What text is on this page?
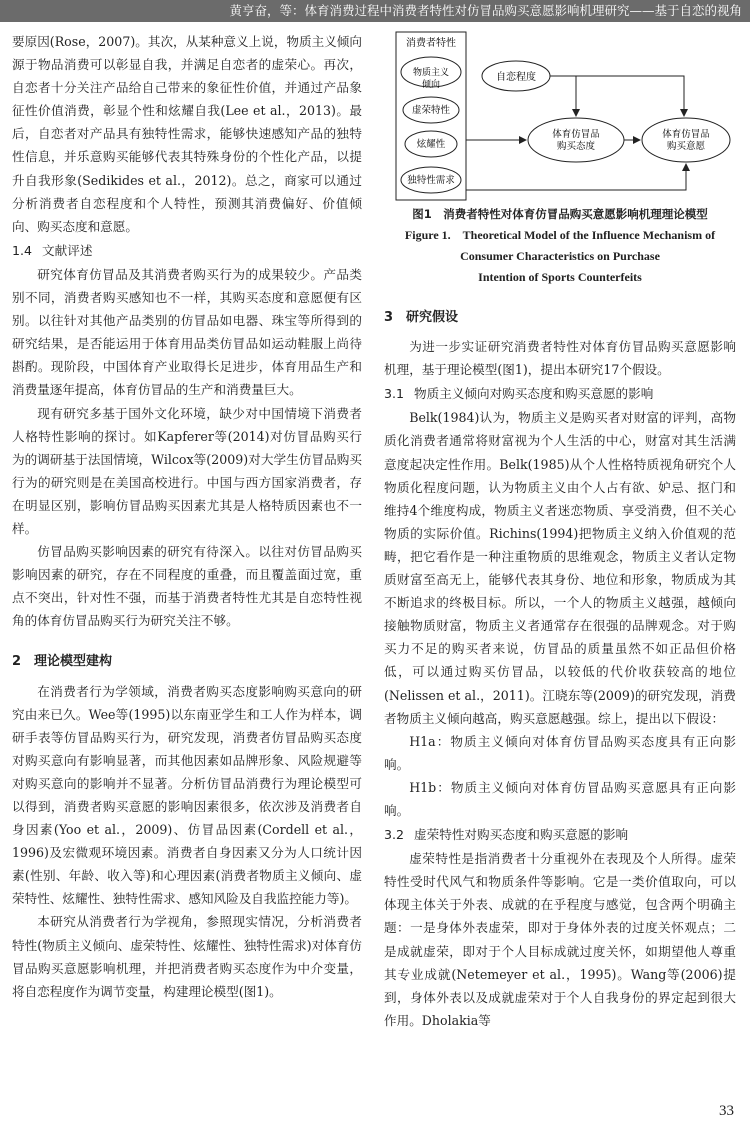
黄亨奋，等：体育消费过程中消费者特性对仿冒品购买意愿影响机理研究——基于自恋的视角

要原因(Rose，2007)。其次，从某种意义上说，物质主义倾向源于物品消费可以彰显自我，并满足自恋者的虚荣心。再次，自恋者十分关注产品给自己带来的象征性价值，并通过产品象征性价值消费，彰显个性和炫耀自我(Lee et al.，2013)。最后，自恋者对产品具有独特性需求，能够快速感知产品的独特性信息，并乐意购买能够代表其特殊身份的个性化产品，以提升自我形象(Sedikides et al.，2012)。总之，商家可以通过分析消费者自恋程度和个人特性，预测其消费偏好、价值倾向、购买态度和意愿。

1.4 文献评述

研究体育仿冒品及其消费者购买行为的成果较少。产品类别不同，消费者购买感知也不一样，其购买态度和意愿便有区别。以往针对其他产品类别的仿冒品如电器、珠宝等所得到的研究结果，是否能运用于体育用品类仿冒品如运动鞋服上尚待斟酌。现阶段，中国体育产业取得长足进步，体育用品生产和消费量逐年提高，体育仿冒品的生产和消费量巨大。

现有研究多基于国外文化环境，缺少对中国情境下消费者人格特性影响的探讨。如Kapferer等(2014)对仿冒品购买行为的调研基于法国情境，Wilcox等(2009)对大学生仿冒品购买行为的研究则是在美国高校进行。中国与西方国家消费者，存在明显区别，影响仿冒品购买因素尤其是人格特质因素也不一样。

仿冒品购买影响因素的研究有待深入。以往对仿冒品购买影响因素的研究，存在不同程度的重叠，而且覆盖面过宽，重点不突出，针对性不强，而基于消费者特性尤其是自恋特性视角的体育仿冒品购买行为研究关注不够。

2　理论模型建构

在消费者行为学领域，消费者购买态度影响购买意向的研究由来已久。Wee等(1995)以东南亚学生和工人作为样本，调研手表等仿冒品购买行为，研究发现，消费者仿冒品购买态度对购买意向有影响显著，而其他因素如品牌形象、风险规避等对购买意向的影响并不显著。分析仿冒品消费行为理论模型可以得到，消费者购买意愿的影响因素很多，依次涉及消费者自身因素(Yoo et al.，2009)、仿冒品因素(Cordell et al.，1996)及宏微观环境因素。消费者自身因素又分为人口统计因素(性别、年龄、收入等)和心理因素(消费者物质主义倾向、虚荣特性、炫耀性、独特性需求、感知风险及自我监控能力等)。

本研究从消费者行为学视角，参照现实情况，分析消费者特性(物质主义倾向、虚荣特性、炫耀性、独特性需求)对体育仿冒品购买意愿影响机理，并把消费者购买态度作为中介变量，将自恋程度作为调节变量，构建理论模型(图1)。

消费者特性
物质主义倾向
虚荣特性
炫耀性
独特性需求
自恋程度
体育仿冒品购买态度
体育仿冒品购买意愿
图1　 消费者特性对体育仿冒品购买意愿影响机理理论模型
Figure 1.　Theoretical Model of the Influence Mechanism of
Consumer Characteristics on Purchase
Intention of Sports Counterfeits
3　研究假设

为进一步实证研究消费者特性对体育仿冒品购买意愿影响机理，基于理论模型(图1)，提出本研究17个假设。

3.1 物质主义倾向对购买态度和购买意愿的影响

Belk(1984)认为，物质主义是购买者对财富的评判，高物质化消费者通常将财富视为个人生活的中心，财富对其生活满意度起决定性作用。Belk(1985)从个人性格特质视角研究个人物质化程度问题，认为物质主义由个人占有欲、妒忌、抠门和维持4个维度构成，物质主义者迷恋物质、享受消费，但不关心物质的实际价值。Richins(1994)把物质主义纳入价值观的范畴，把它看作是一种注重物质的思维观念，物质主义者认定物质财富至高无上，能够代表其身份、地位和形象，物质成为其不断追求的终极目标。所以，一个人的物质主义越强，越倾向接触物质财富，物质主义者通常存在很强的品牌观念。对于购买力不足的购买者来说，仿冒品的质量虽然不如正品但价格低，可以通过购买仿冒品，以较低的代价收获较高的地位(Nelissen et al.，2011)。江晓东等(2009)的研究发现，消费者物质主义倾向越高，购买意愿越强。综上，提出以下假设：

H1a：物质主义倾向对体育仿冒品购买态度具有正向影响。

H1b：物质主义倾向对体育仿冒品购买意愿具有正向影响。

3.2 虚荣特性对购买态度和购买意愿的影响

虚荣特性是指消费者十分重视外在表现及个人所得。虚荣特性受时代风气和物质条件等影响。它是一类价值取向，可以体现主体关于外表、成就的在乎程度与感觉，包含两个明确主题：一是身体外表虚荣，即对于身体外表的过度关怀观点；二是成就虚荣，即对于个人目标成就过度关怀，如期望他人尊重其专业成就(Netemeyer et al.，1995)。Wang等(2006)提到，身体外表以及成就虚荣对于个人自我身份的界定起到很大作用。Dholakia等

33
